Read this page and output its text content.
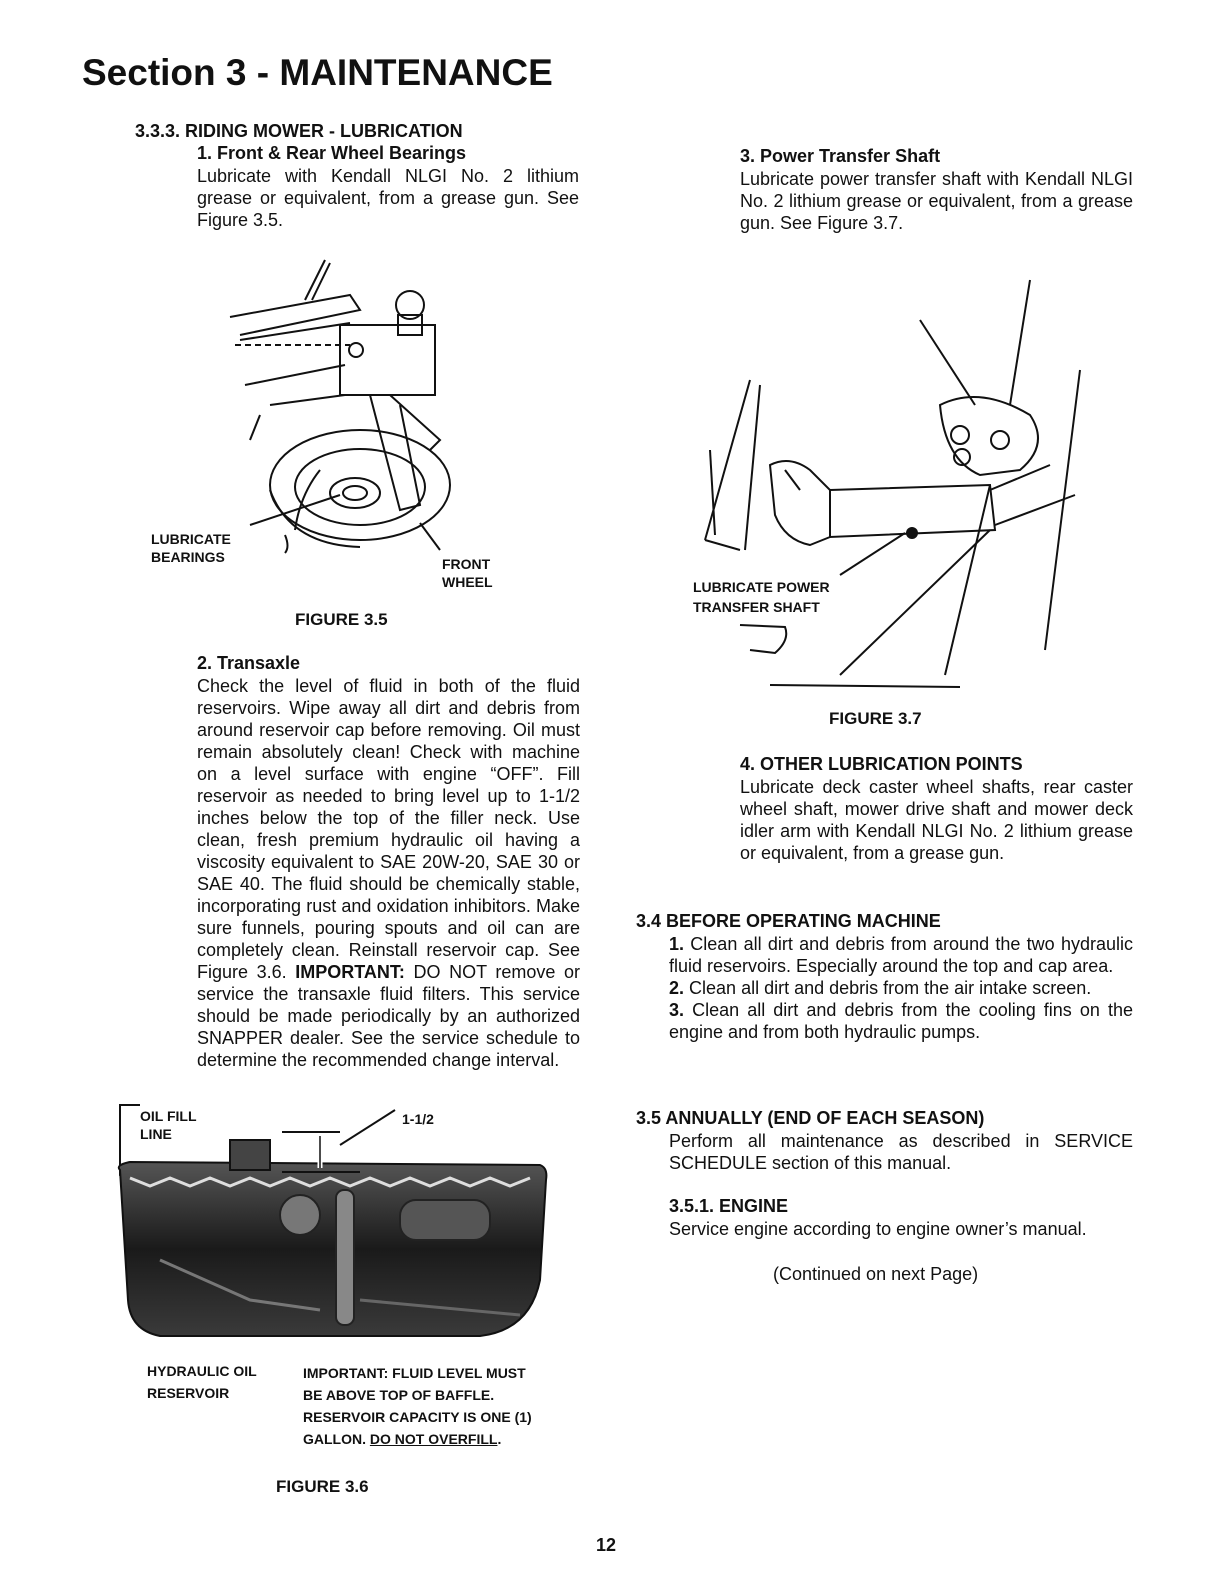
Section 3 - MAINTENANCE
3.3.3. RIDING MOWER - LUBRICATION
1. Front & Rear Wheel Bearings
Lubricate with Kendall NLGI No. 2 lithium grease or equivalent, from a grease gun. See Figure 3.5.
LUBRICATE
BEARINGS	FRONT
WHEEL
FIGURE 3.5
2. Transaxle
Check the level of fluid in both of the fluid reservoirs. Wipe away all dirt and debris from around reservoir cap before removing. Oil must remain absolutely clean! Check with machine on a level surface with engine “OFF”. Fill reservoir as needed to bring level up to 1-1/2 inches below the top of the filler neck. Use clean, fresh premium hydraulic oil having a viscosity equivalent to SAE 20W-20, SAE 30 or SAE 40. The fluid should be chemically stable, incorporating rust and oxidation inhibitors. Make sure funnels, pouring spouts and oil can are completely clean. Reinstall reservoir cap. See Figure 3.6. IMPORTANT: DO NOT remove or service the transaxle fluid filters. This service should be made periodically by an authorized SNAPPER dealer. See the service schedule to determine the recommended change interval.
OIL FILL
LINE
1-1/2
HYDRAULIC OIL
RESERVOIR
IMPORTANT: FLUID LEVEL MUST
BE ABOVE TOP OF BAFFLE.
RESERVOIR CAPACITY IS ONE (1)
GALLON. DO NOT OVERFILL.
FIGURE 3.6
3. Power Transfer Shaft
Lubricate power transfer shaft with Kendall NLGI No. 2 lithium grease or equivalent, from a grease gun. See Figure 3.7.
LUBRICATE POWER
TRANSFER SHAFT
FIGURE 3.7
4. OTHER LUBRICATION POINTS
Lubricate deck caster wheel shafts, rear caster wheel shaft, mower drive shaft and mower deck idler arm with Kendall NLGI No. 2 lithium grease or equivalent, from a grease gun.
3.4 BEFORE OPERATING MACHINE

1. Clean all dirt and debris from around the two hydraulic fluid reservoirs. Especially around the top and cap area.

2. Clean all dirt and debris from the air intake screen.

3. Clean all dirt and debris from the cooling fins on the engine and from both hydraulic pumps.

3.5 ANNUALLY (END OF EACH SEASON)
Perform all maintenance as described in SERVICE SCHEDULE section of this manual.
3.5.1. ENGINE
Service engine according to engine owner’s manual.
(Continued on next Page)
12
